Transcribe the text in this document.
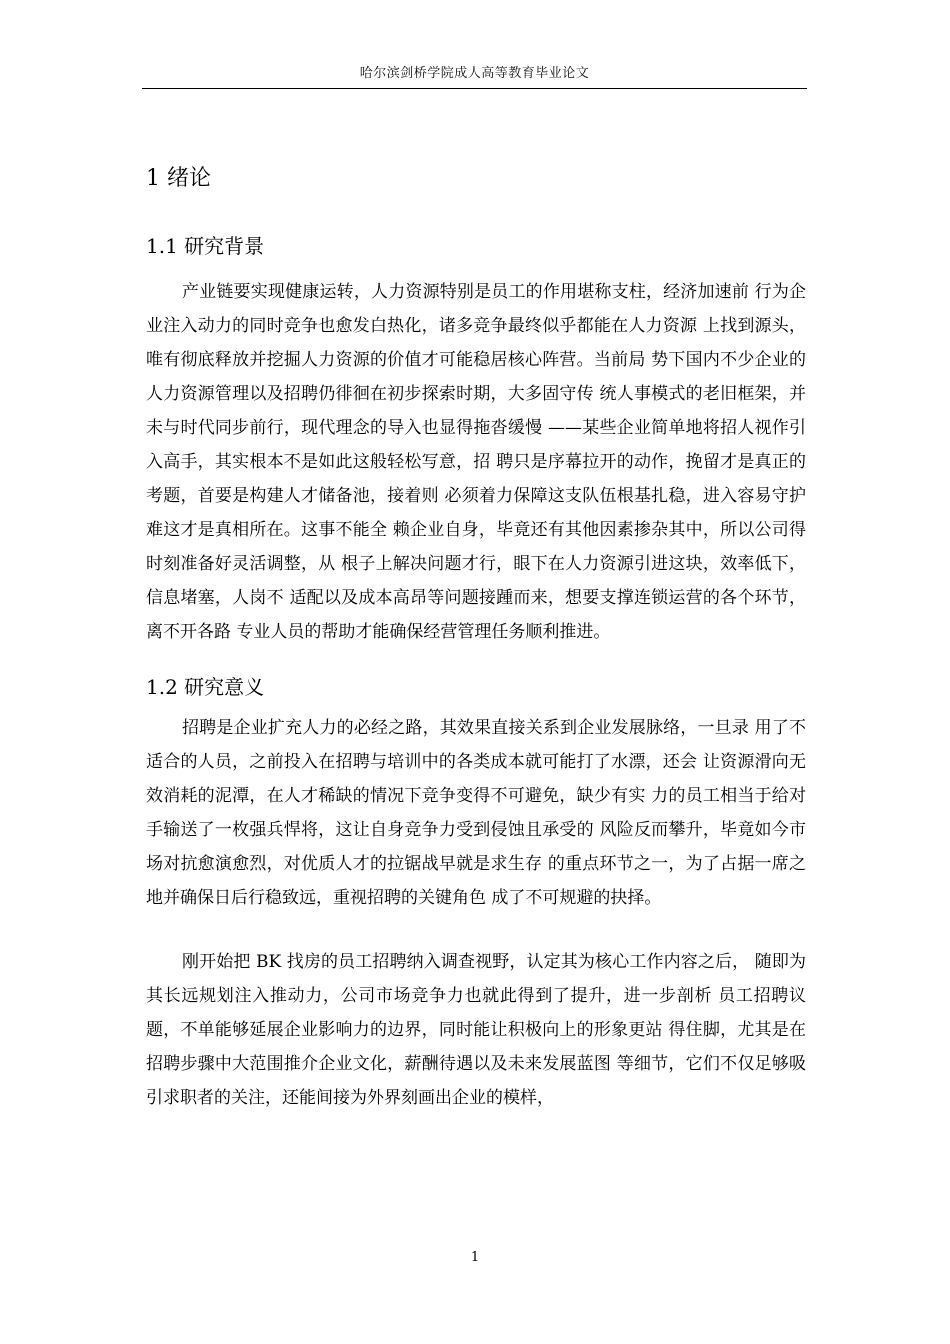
哈尔滨剑桥学院成人高等教育毕业论文
1 绪论
1.1 研究背景

产业链要实现健康运转，人力资源特别是员工的作用堪称支柱，经济加速前 行为企业注入动力的同时竞争也愈发白热化，诸多竞争最终似乎都能在人力资源 上找到源头，唯有彻底释放并挖掘人力资源的价值才可能稳居核心阵营。当前局 势下国内不少企业的人力资源管理以及招聘仍徘徊在初步探索时期，大多固守传 统人事模式的老旧框架，并未与时代同步前行，现代理念的导入也显得拖沓缓慢 ——某些企业简单地将招人视作引入高手，其实根本不是如此这般轻松写意，招 聘只是序幕拉开的动作，挽留才是真正的考题，首要是构建人才储备池，接着则 必须着力保障这支队伍根基扎稳，进入容易守护难这才是真相所在。这事不能全 赖企业自身，毕竟还有其他因素掺杂其中，所以公司得时刻准备好灵活调整，从 根子上解决问题才行，眼下在人力资源引进这块，效率低下，信息堵塞，人岗不 适配以及成本高昂等问题接踵而来，想要支撑连锁运营的各个环节，离不开各路 专业人员的帮助才能确保经营管理任务顺利推进。

1.2 研究意义

招聘是企业扩充人力的必经之路，其效果直接关系到企业发展脉络，一旦录 用了不适合的人员，之前投入在招聘与培训中的各类成本就可能打了水漂，还会 让资源滑向无效消耗的泥潭，在人才稀缺的情况下竞争变得不可避免，缺少有实 力的员工相当于给对手输送了一枚强兵悍将，这让自身竞争力受到侵蚀且承受的 风险反而攀升，毕竟如今市场对抗愈演愈烈，对优质人才的拉锯战早就是求生存 的重点环节之一，为了占据一席之地并确保日后行稳致远，重视招聘的关键角色 成了不可规避的抉择。

刚开始把 BK 找房的员工招聘纳入调查视野，认定其为核心工作内容之后， 随即为其长远规划注入推动力，公司市场竞争力也就此得到了提升，进一步剖析 员工招聘议题，不单能够延展企业影响力的边界，同时能让积极向上的形象更站 得住脚，尤其是在招聘步骤中大范围推介企业文化，薪酬待遇以及未来发展蓝图 等细节，它们不仅足够吸引求职者的关注，还能间接为外界刻画出企业的模样，

1
